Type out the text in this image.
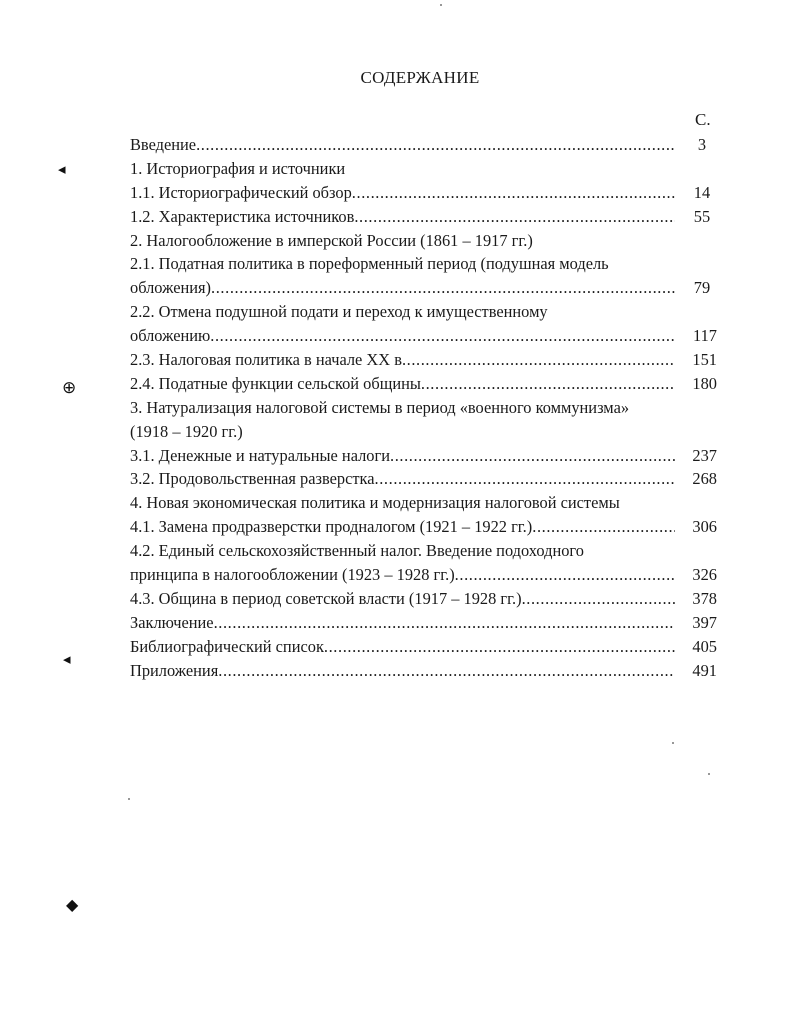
СОДЕРЖАНИЕ
С.
Введение .....	3
1. Историография и источники
1.1. Историографический обзор .....	14
1.2. Характеристика источников .....	55
2. Налогообложение в имперской России (1861 – 1917 гг.)
2.1. Податная политика в пореформенный период (подушная модель
обложения) .....	79
2.2. Отмена подушной подати и переход к имущественному
обложению .....	117
2.3. Налоговая политика в начале XX в .....	151
2.4. Податные функции сельской общины .....	180
3. Натурализация налоговой системы в период «военного коммунизма»
(1918 – 1920 гг.)
3.1. Денежные и натуральные налоги .....	237
3.2. Продовольственная разверстка .....	268
4. Новая экономическая политика и модернизация налоговой системы
4.1. Замена продразверстки продналогом (1921 – 1922 гг.) .....	306
4.2. Единый сельскохозяйственный налог. Введение подоходного
принципа в налогообложении (1923 – 1928 гг.) .....	326
4.3. Община в период советской власти (1917 – 1928 гг.) .....	378
Заключение .....	397
Библиографический список .....	405
Приложения .....	491
◂
⊕
◂
◆
